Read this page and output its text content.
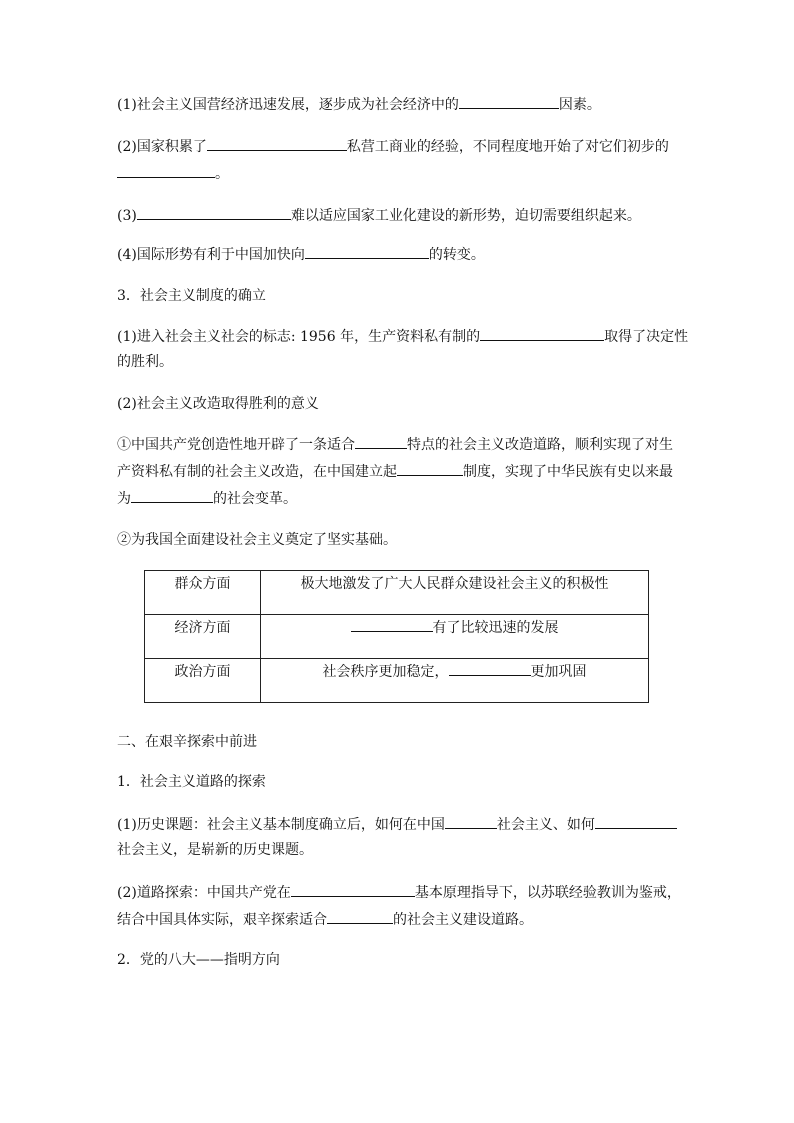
(1)社会主义国营经济迅速发展，逐步成为社会经济中的	因素。
(2)国家积累了	私营工商业的经验，不同程度地开始了对它们初步的
。
(3)	难以适应国家工业化建设的新形势，迫切需要组织起来。
(4)国际形势有利于中国加快向	的转变。
3．社会主义制度的确立
(1)进入社会主义社会的标志: 1956 年，生产资料私有制的	取得了决定性
的胜利。
(2)社会主义改造取得胜利的意义
①中国共产党创造性地开辟了一条适合	特点的社会主义改造道路，顺利实现了对生
产资料私有制的社会主义改造，在中国建立起	制度，实现了中华民族有史以来最
为	的社会变革。
②为我国全面建设社会主义奠定了坚实基础。
群众方面	极大地激发了广大人民群众建设社会主义的积极性
经济方面	有了比较迅速的发展
政治方面	社会秩序更加稳定， 更加巩固
二、在艰辛探索中前进
1．社会主义道路的探索
(1)历史课题：社会主义基本制度确立后，如何在中国	社会主义、如何
社会主义，是崭新的历史课题。
(2)道路探索：中国共产党在	基本原理指导下，以苏联经验教训为鉴戒，
结合中国具体实际，艰辛探索适合	的社会主义建设道路。
2．党的八大——指明方向
